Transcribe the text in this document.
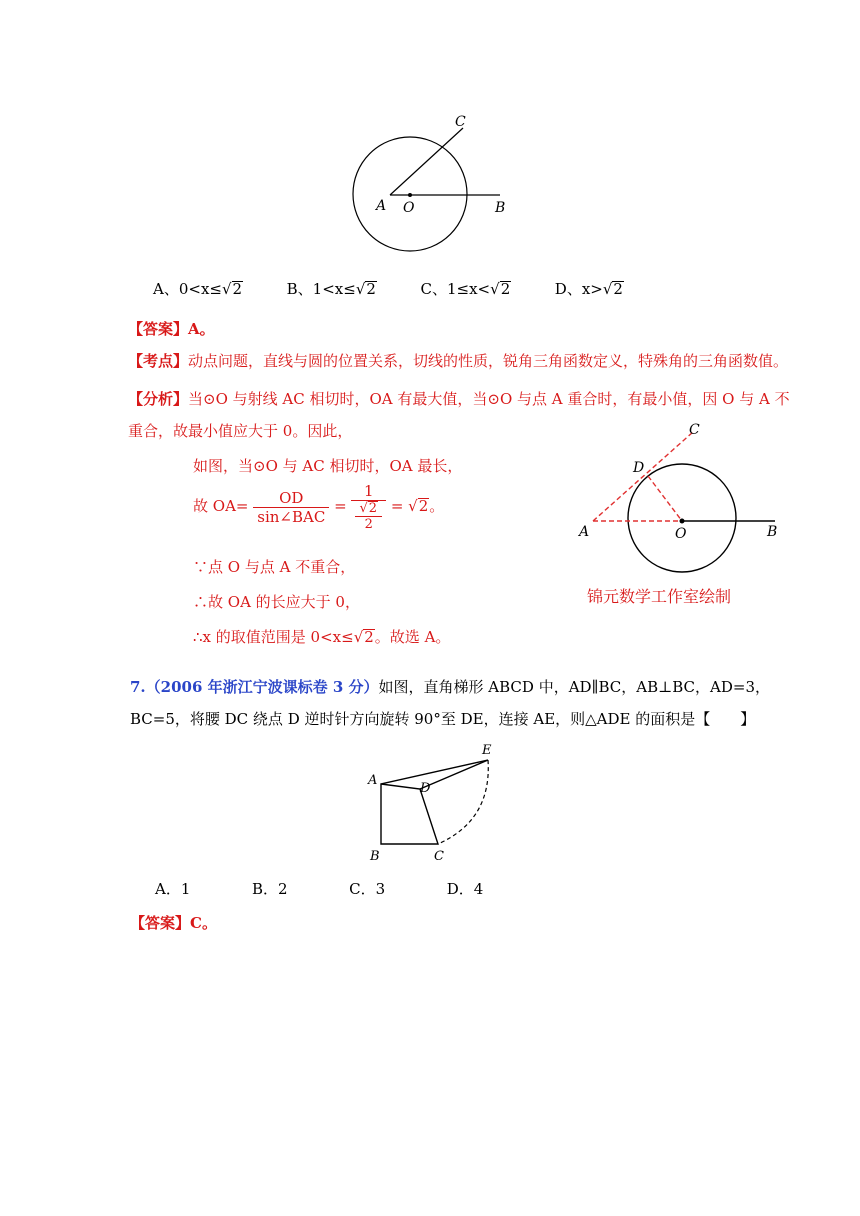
C
A O	B
A、0<x≤√2	B、1<x≤√2	C、1≤x<√2	D、x>√2
【答案】A。
【考点】动点问题，直线与圆的位置关系，切线的性质，锐角三角函数定义，特殊角的三角函数值。
【分析】当⊙O 与射线 AC 相切时，OA 有最大值，当⊙O 与点 A 重合时，有最小值，因 O 与 A 不
重合，故最小值应大于 0。因此，
如图，当⊙O 与 AC 相切时，OA 最长，
故 $OA= \frac{OD}{\text{sin∠BAC}} = \frac{1}{\frac{√2}{2}} = √2$。
∵点 O 与点 A 不重合，
∴故 OA 的长应大于 0，
∴x 的取值范围是 0<x≤√2。故选 A。
C
D
A	O	B
锦元数学工作室绘制
7.（2006 年浙江宁波课标卷 3 分）如图，直角梯形 ABCD 中，AD∥BC，AB⊥BC，AD=3，
BC=5，将腰 DC 绕点 D 逆时针方向旋转 90°至 DE，连接 AE，则△ADE 的面积是【　　】
E
A
D
B	C
A．1	B．2	C．3	D．4
【答案】C。
